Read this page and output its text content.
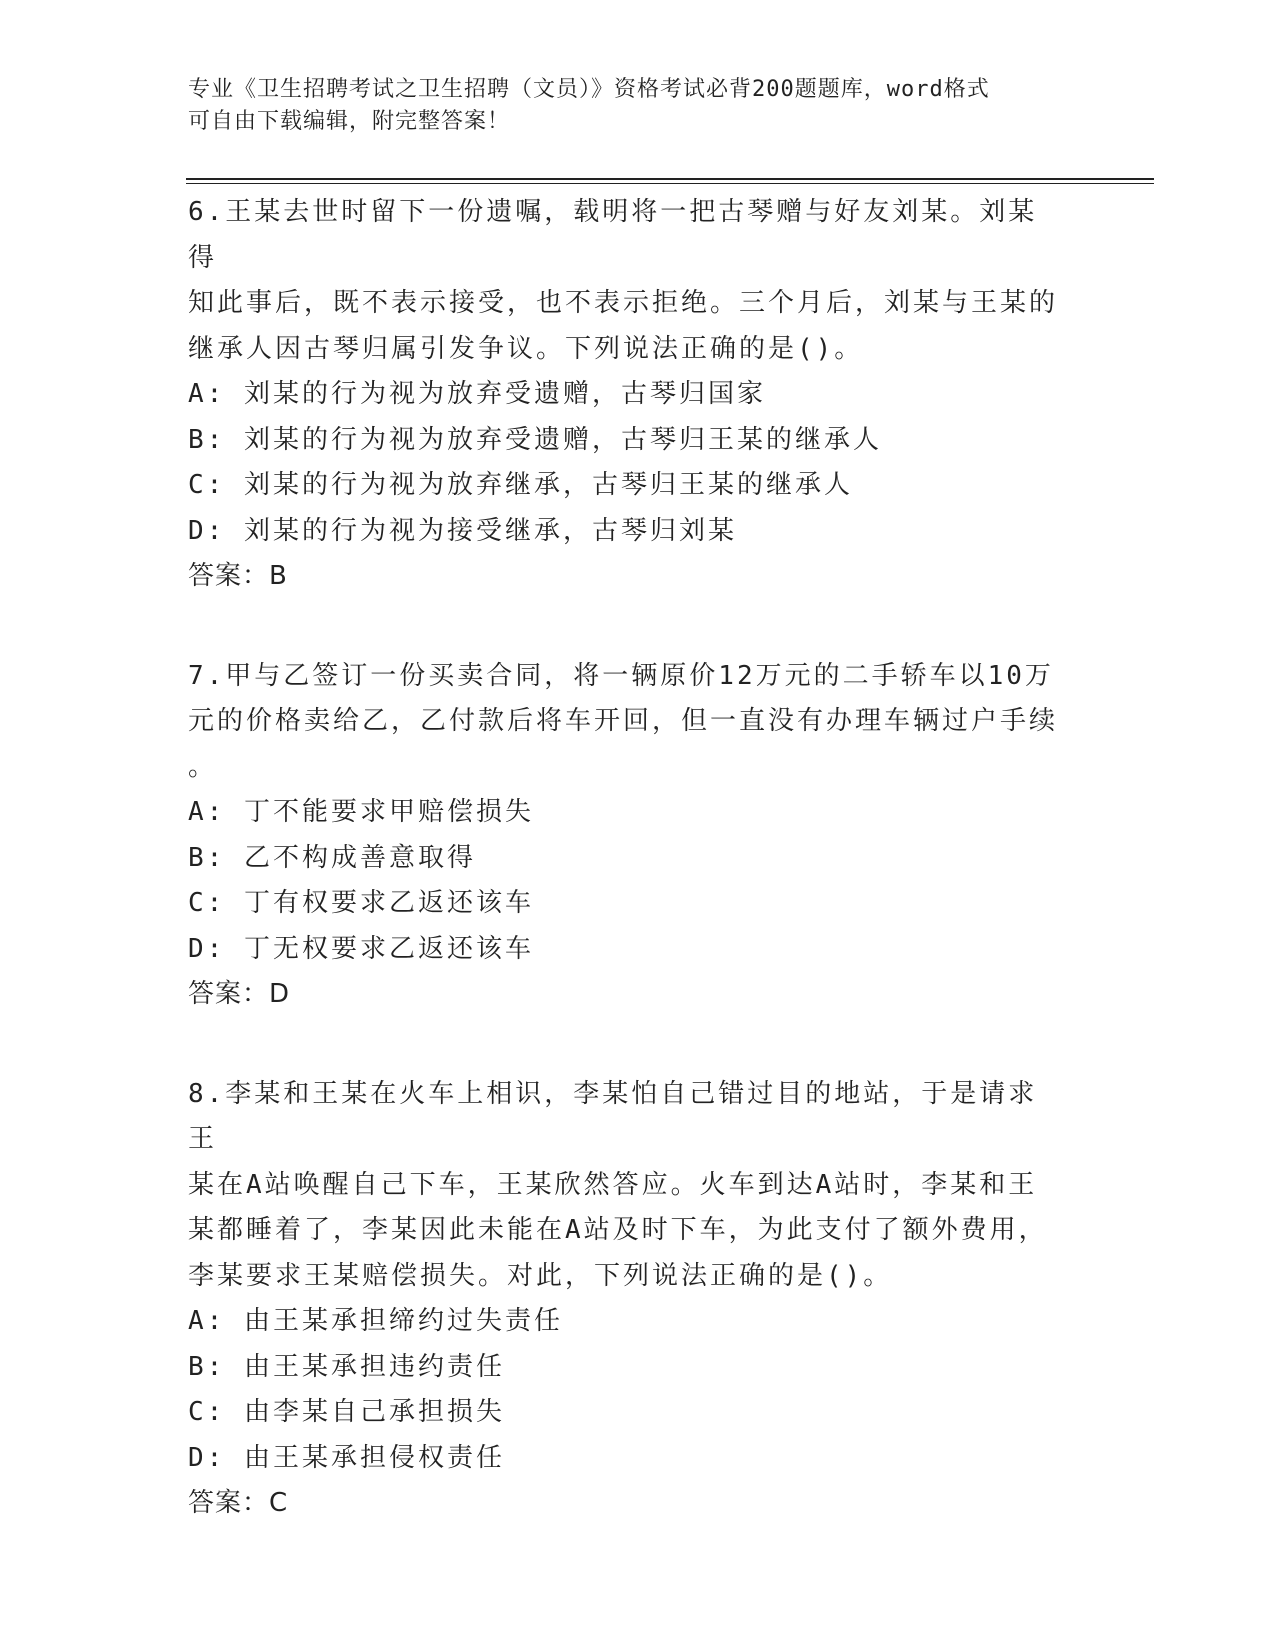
专业《卫生招聘考试之卫生招聘（文员）》资格考试必背200题题库，word格式
可自由下载编辑，附完整答案！
6.王某去世时留下一份遗嘱，载明将一把古琴赠与好友刘某。刘某得
知此事后，既不表示接受，也不表示拒绝。三个月后，刘某与王某的
继承人因古琴归属引发争议。下列说法正确的是()。
A: 刘某的行为视为放弃受遗赠，古琴归国家
B: 刘某的行为视为放弃受遗赠，古琴归王某的继承人
C: 刘某的行为视为放弃继承，古琴归王某的继承人
D: 刘某的行为视为接受继承，古琴归刘某
答案：B
7.甲与乙签订一份买卖合同，将一辆原价12万元的二手轿车以10万
元的价格卖给乙，乙付款后将车开回，但一直没有办理车辆过户手续
。
A: 丁不能要求甲赔偿损失
B: 乙不构成善意取得
C: 丁有权要求乙返还该车
D: 丁无权要求乙返还该车
答案：D
8.李某和王某在火车上相识，李某怕自己错过目的地站，于是请求王
某在A站唤醒自己下车，王某欣然答应。火车到达A站时，李某和王
某都睡着了，李某因此未能在A站及时下车，为此支付了额外费用，
李某要求王某赔偿损失。对此，下列说法正确的是()。
A: 由王某承担缔约过失责任
B: 由王某承担违约责任
C: 由李某自己承担损失
D: 由王某承担侵权责任
答案：C
